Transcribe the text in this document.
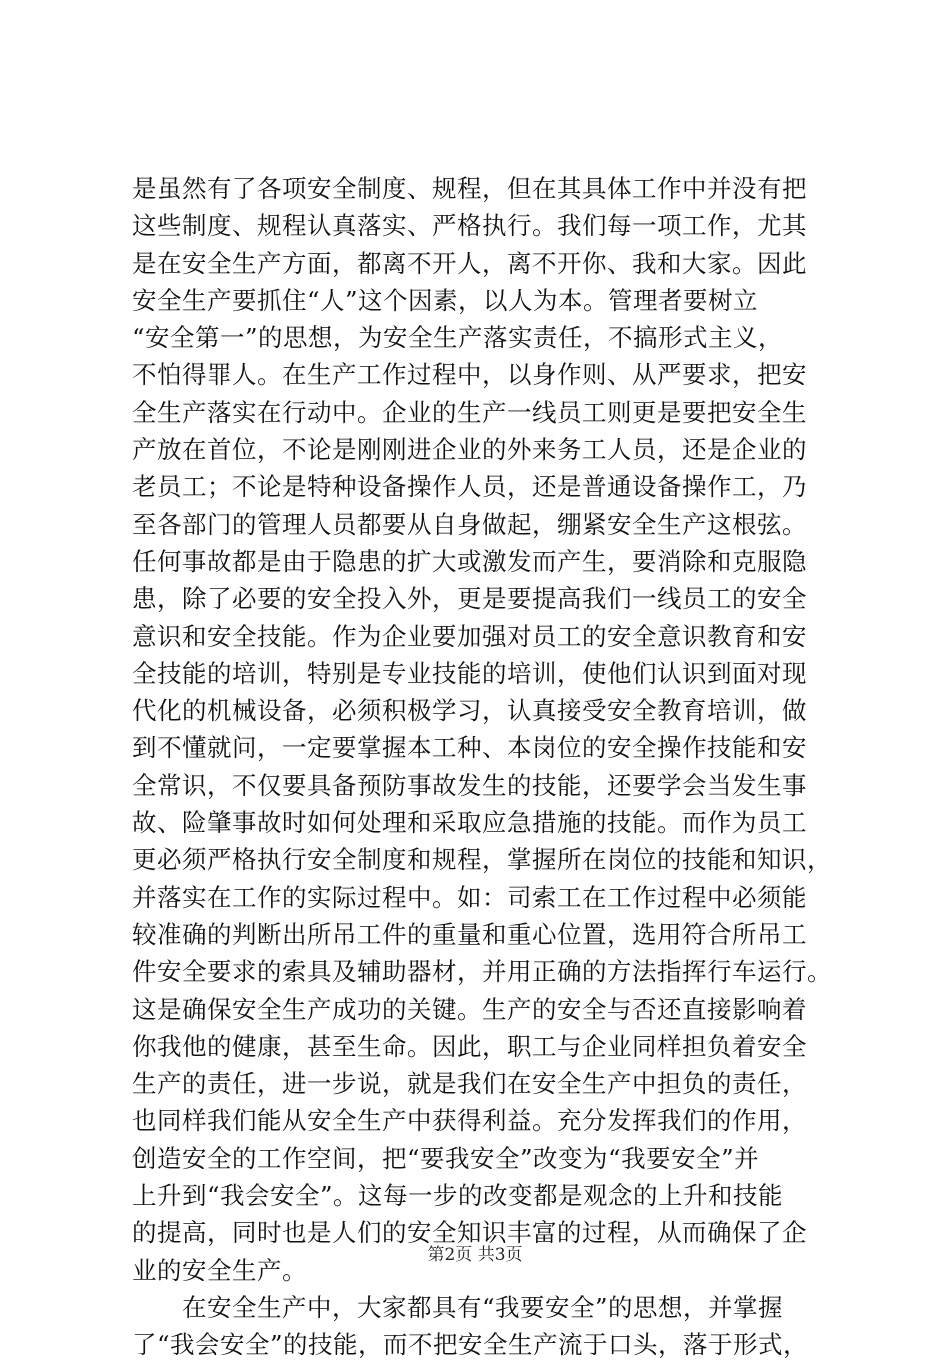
是虽然有了各项安全制度、规程，但在其具体工作中并没有把
这些制度、规程认真落实、严格执行。我们每一项工作，尤其
是在安全生产方面，都离不开人，离不开你、我和大家。因此
安全生产要抓住“人”这个因素，以人为本。管理者要树立
“安全第一”的思想，为安全生产落实责任，不搞形式主义，
不怕得罪人。在生产工作过程中，以身作则、从严要求，把安
全生产落实在行动中。企业的生产一线员工则更是要把安全生
产放在首位，不论是刚刚进企业的外来务工人员，还是企业的
老员工；不论是特种设备操作人员，还是普通设备操作工，乃
至各部门的管理人员都要从自身做起，绷紧安全生产这根弦。
任何事故都是由于隐患的扩大或激发而产生，要消除和克服隐
患，除了必要的安全投入外，更是要提高我们一线员工的安全
意识和安全技能。作为企业要加强对员工的安全意识教育和安
全技能的培训，特别是专业技能的培训，使他们认识到面对现
代化的机械设备，必须积极学习，认真接受安全教育培训，做
到不懂就问，一定要掌握本工种、本岗位的安全操作技能和安
全常识，不仅要具备预防事故发生的技能，还要学会当发生事
故、险肇事故时如何处理和采取应急措施的技能。而作为员工
更必须严格执行安全制度和规程，掌握所在岗位的技能和知识，
并落实在工作的实际过程中。如：司索工在工作过程中必须能
较准确的判断出所吊工件的重量和重心位置，选用符合所吊工
件安全要求的索具及辅助器材，并用正确的方法指挥行车运行。
这是确保安全生产成功的关键。生产的安全与否还直接影响着
你我他的健康，甚至生命。因此，职工与企业同样担负着安全
生产的责任，进一步说，就是我们在安全生产中担负的责任，
也同样我们能从安全生产中获得利益。充分发挥我们的作用，
创造安全的工作空间，把“要我安全”改变为“我要安全”并
上升到“我会安全”。这每一步的改变都是观念的上升和技能
的提高，同时也是人们的安全知识丰富的过程，从而确保了企
业的安全生产。
　　在安全生产中，大家都具有“我要安全”的思想，并掌握
了“我会安全”的技能，而不把安全生产流于口头，落于形式，
第2页 共3页
